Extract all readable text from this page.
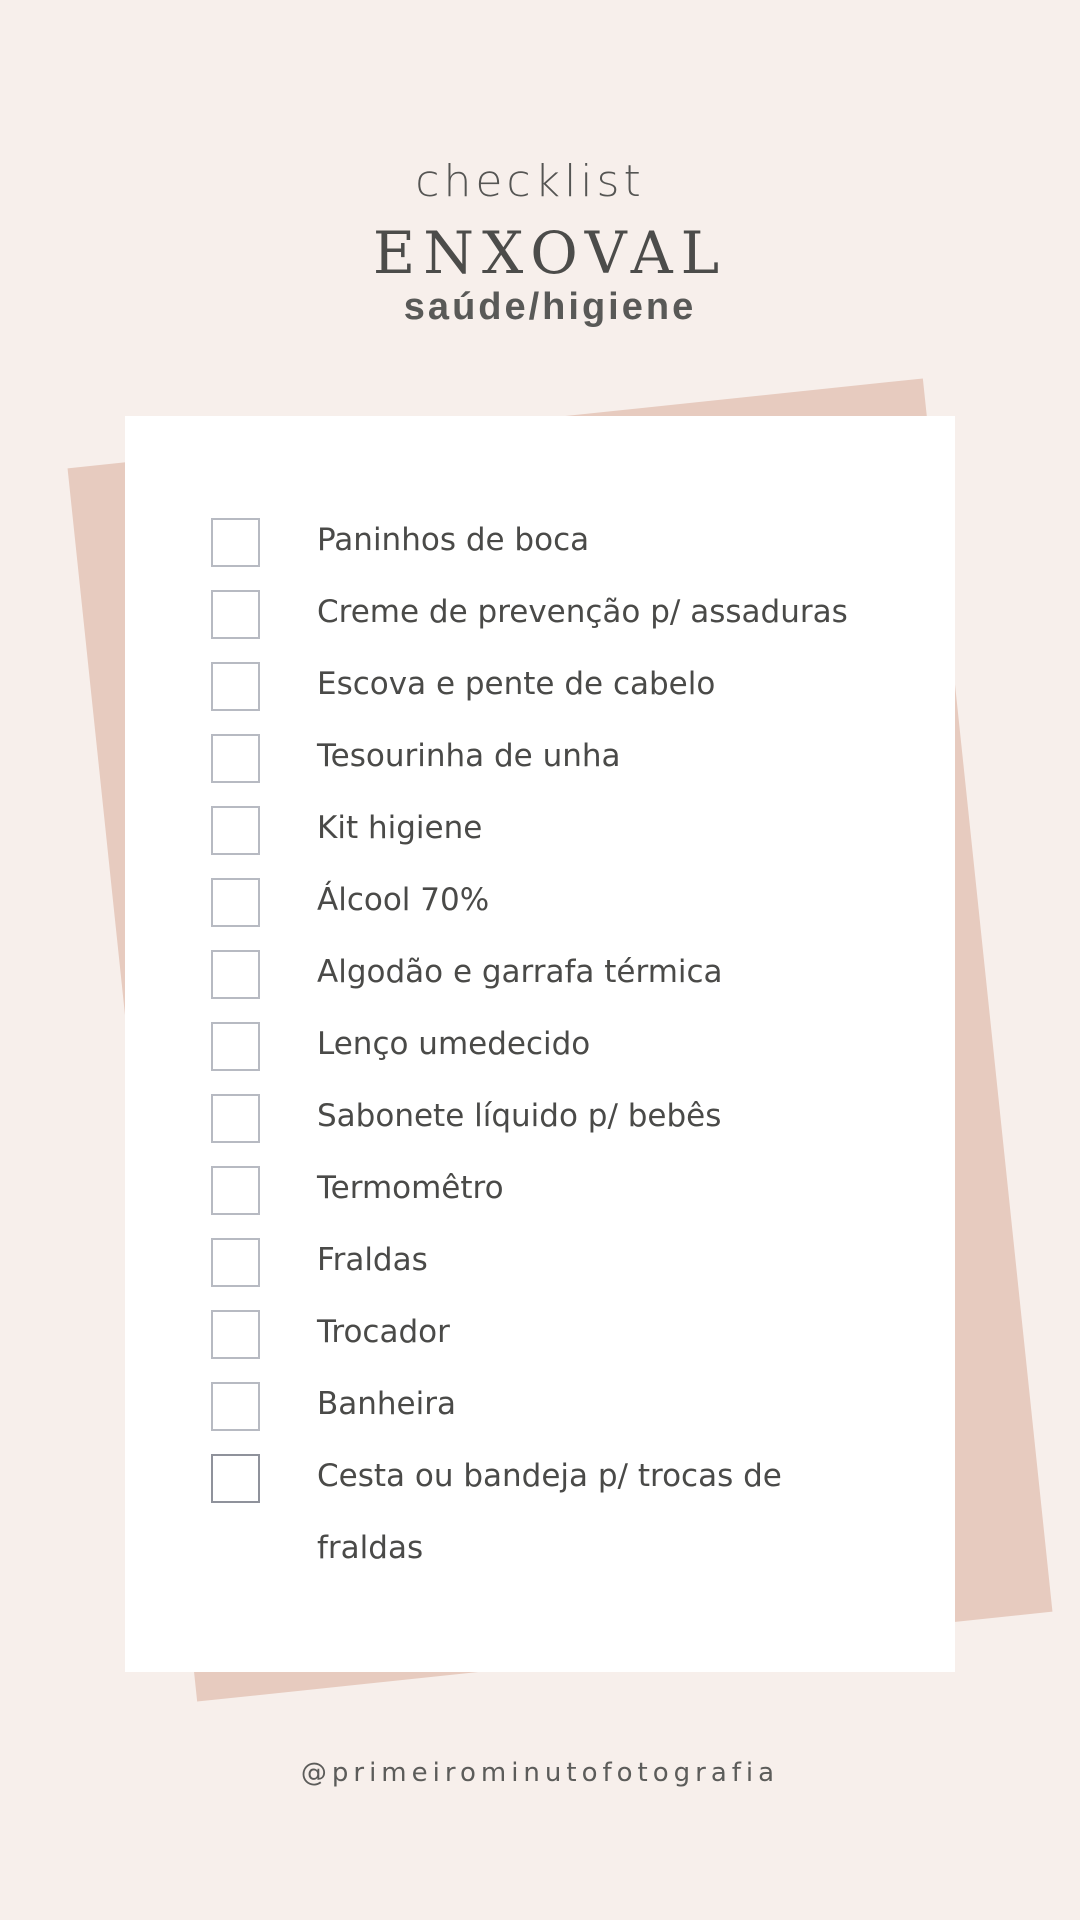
checklist
ENXOVAL
saúde/higiene
Paninhos de boca
Creme de prevenção p/ assaduras
Escova e pente de cabelo
Tesourinha de unha
Kit higiene
Álcool 70%
Algodão e garrafa térmica
Lenço umedecido
Sabonete líquido p/ bebês
Termomêtro
Fraldas
Trocador
Banheira
Cesta ou bandeja p/ trocas de fraldas
@primeirominutofotografia
